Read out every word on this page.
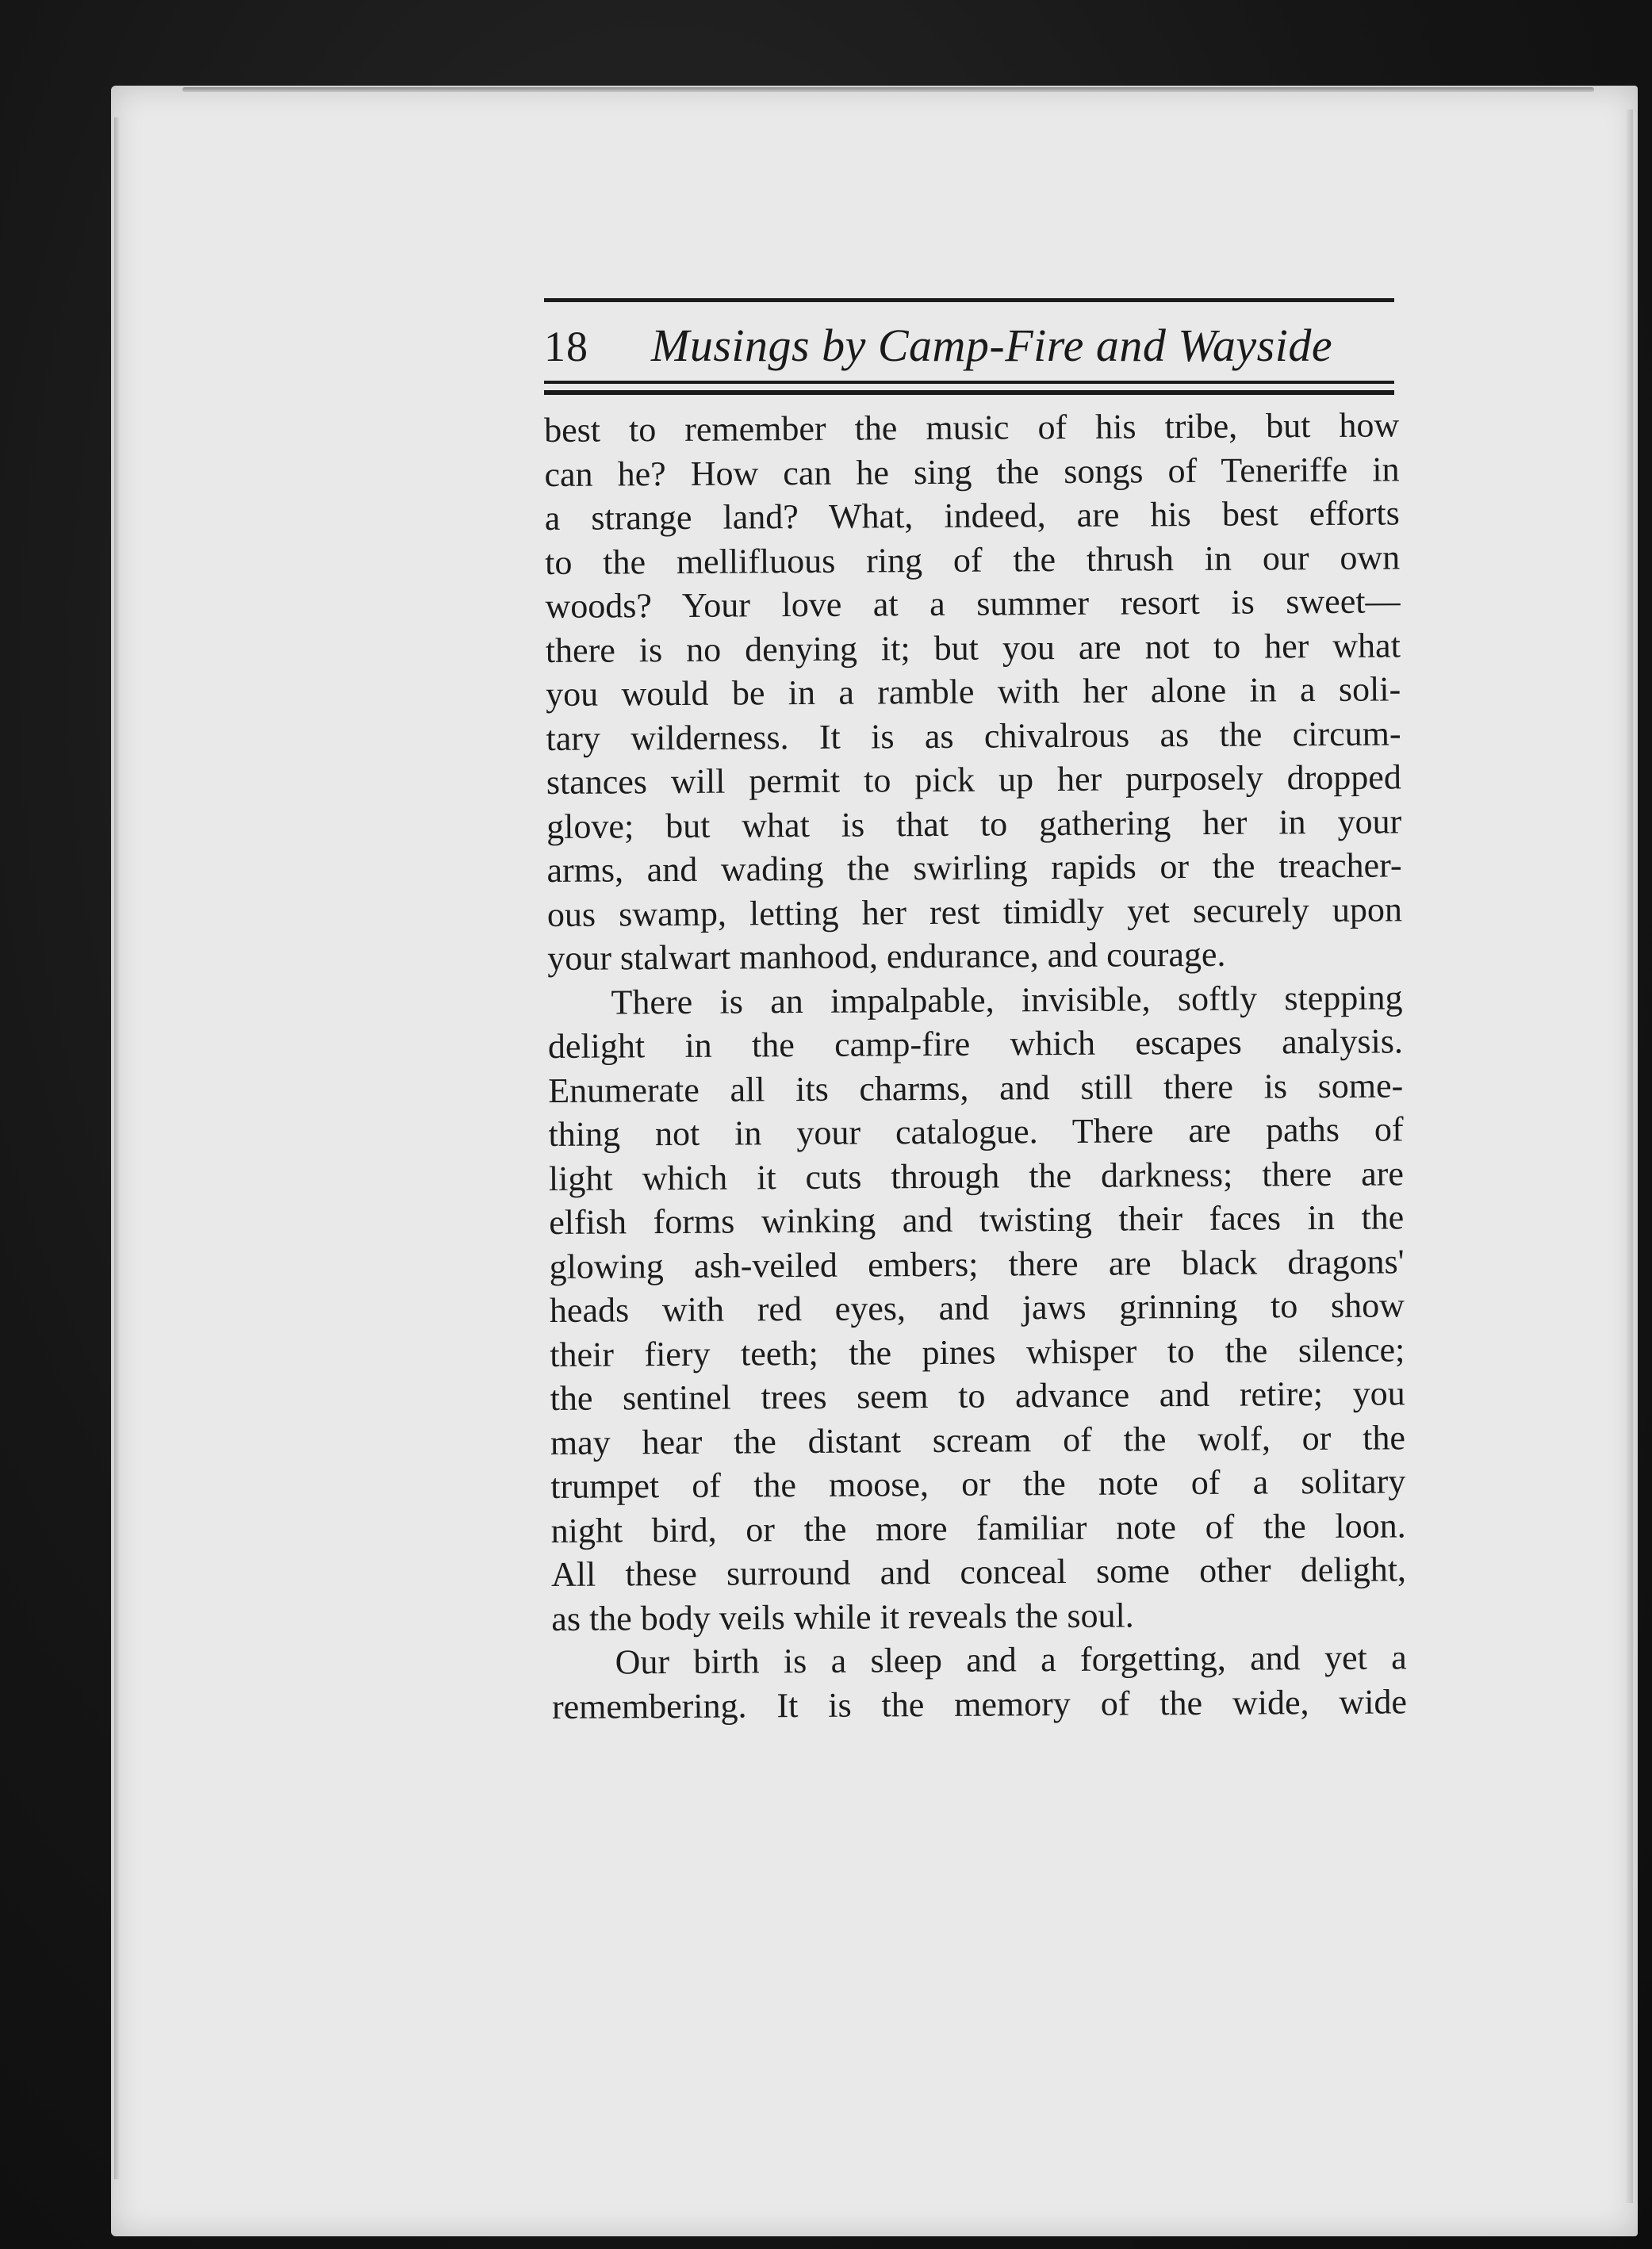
18 Musings by Camp-Fire and Wayside
best to remember the music of his tribe, but how
can he? How can he sing the songs of Teneriffe in
a strange land? What, indeed, are his best efforts
to the mellifluous ring of the thrush in our own
woods? Your love at a summer resort is sweet—
there is no denying it; but you are not to her what
you would be in a ramble with her alone in a soli-
tary wilderness. It is as chivalrous as the circum-
stances will permit to pick up her purposely dropped
glove; but what is that to gathering her in your
arms, and wading the swirling rapids or the treacher-
ous swamp, letting her rest timidly yet securely upon
your stalwart manhood, endurance, and courage.
There is an impalpable, invisible, softly stepping
delight in the camp-fire which escapes analysis.
Enumerate all its charms, and still there is some-
thing not in your catalogue. There are paths of
light which it cuts through the darkness; there are
elfish forms winking and twisting their faces in the
glowing ash-veiled embers; there are black dragons'
heads with red eyes, and jaws grinning to show
their fiery teeth; the pines whisper to the silence;
the sentinel trees seem to advance and retire; you
may hear the distant scream of the wolf, or the
trumpet of the moose, or the note of a solitary
night bird, or the more familiar note of the loon.
All these surround and conceal some other delight,
as the body veils while it reveals the soul.
Our birth is a sleep and a forgetting, and yet a
remembering. It is the memory of the wide, wide
